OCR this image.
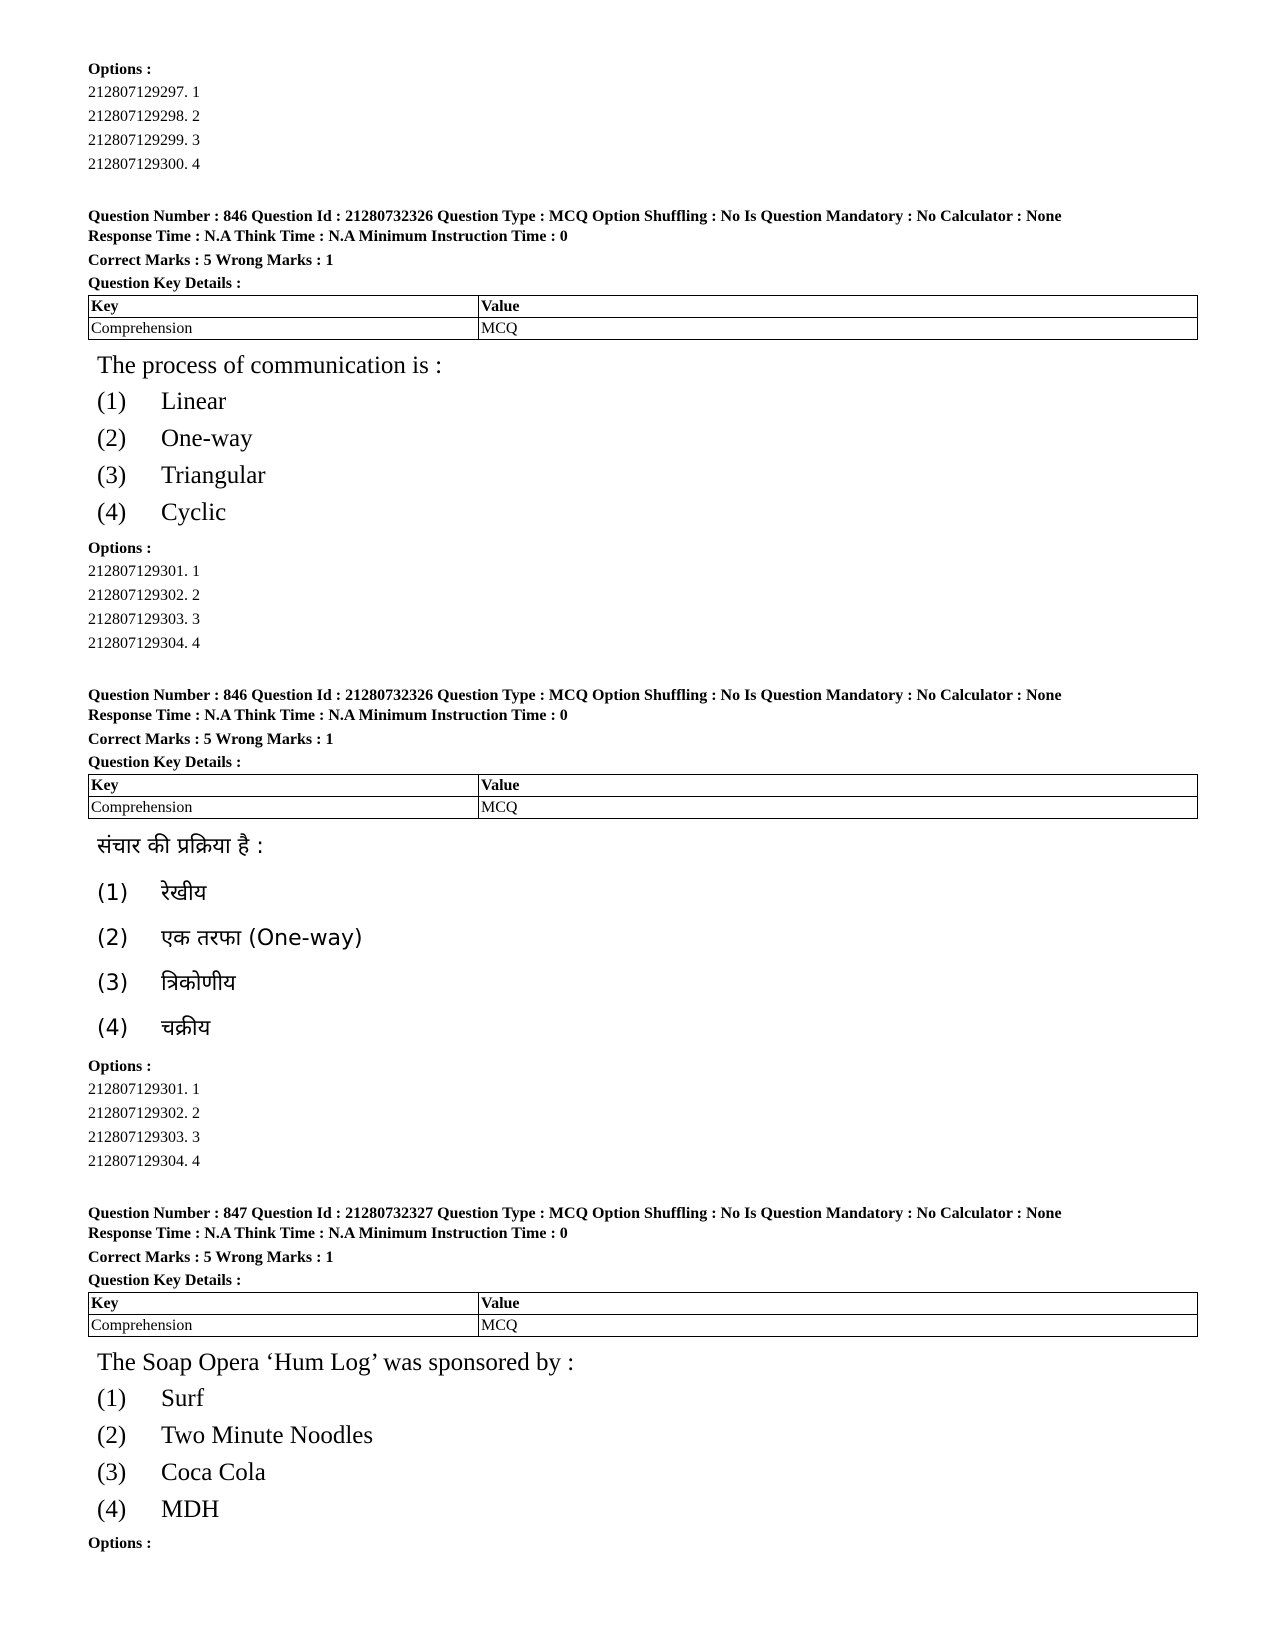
Options :
212807129297. 1
212807129298. 2
212807129299. 3
212807129300. 4
Question Number : 846 Question Id : 21280732326 Question Type : MCQ Option Shuffling : No Is Question Mandatory : No Calculator : None
Response Time : N.A Think Time : N.A Minimum Instruction Time : 0
Correct Marks : 5 Wrong Marks : 1
Question Key Details :
Key	Value
Comprehension	MCQ
The process of communication is :
(1)	Linear
(2)	One-way
(3)	Triangular
(4)	Cyclic
Options :
212807129301. 1
212807129302. 2
212807129303. 3
212807129304. 4
Question Number : 846 Question Id : 21280732326 Question Type : MCQ Option Shuffling : No Is Question Mandatory : No Calculator : None
Response Time : N.A Think Time : N.A Minimum Instruction Time : 0
Correct Marks : 5 Wrong Marks : 1
Question Key Details :
Key	Value
Comprehension	MCQ
संचार की प्रक्रिया है :
(1)	रेखीय
(2)	एक तरफा (One-way)
(3)	त्रिकोणीय
(4)	चक्रीय
Options :
212807129301. 1
212807129302. 2
212807129303. 3
212807129304. 4
Question Number : 847 Question Id : 21280732327 Question Type : MCQ Option Shuffling : No Is Question Mandatory : No Calculator : None
Response Time : N.A Think Time : N.A Minimum Instruction Time : 0
Correct Marks : 5 Wrong Marks : 1
Question Key Details :
Key	Value
Comprehension	MCQ
The Soap Opera ‘Hum Log’ was sponsored by :
(1)	Surf
(2)	Two Minute Noodles
(3)	Coca Cola
(4)	MDH
Options :
